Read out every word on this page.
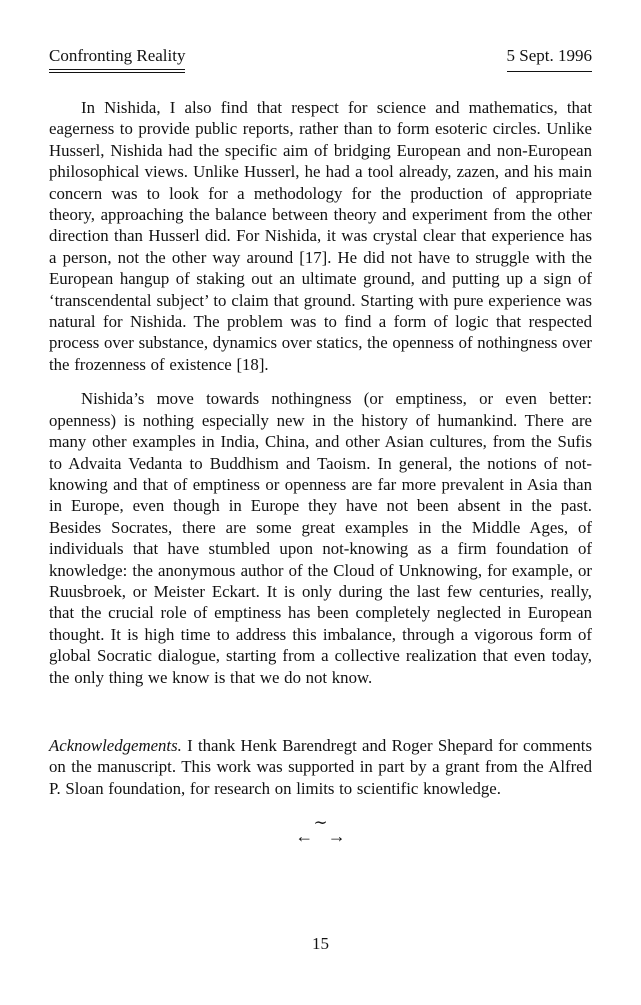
Confronting Reality	5 Sept. 1996

In Nishida, I also find that respect for science and mathematics, that eagerness to provide public reports, rather than to form esoteric circles. Unlike Husserl, Nishida had the specific aim of bridging European and non-European philosophical views. Unlike Husserl, he had a tool already, zazen, and his main concern was to look for a methodology for the production of appropriate theory, approaching the balance between theory and experiment from the other direction than Husserl did. For Nishida, it was crystal clear that experience has a person, not the other way around [17]. He did not have to struggle with the European hangup of staking out an ultimate ground, and putting up a sign of ‘transcendental subject’ to claim that ground. Starting with pure experience was natural for Nishida. The problem was to find a form of logic that respected process over substance, dynamics over statics, the openness of nothingness over the frozenness of existence [18].

Nishida’s move towards nothingness (or emptiness, or even better: openness) is nothing especially new in the history of humankind. There are many other examples in India, China, and other Asian cultures, from the Sufis to Advaita Vedanta to Buddhism and Taoism. In general, the notions of not-knowing and that of emptiness or openness are far more prevalent in Asia than in Europe, even though in Europe they have not been absent in the past. Besides Socrates, there are some great examples in the Middle Ages, of individuals that have stumbled upon not-knowing as a firm foundation of knowledge: the anonymous author of the Cloud of Unknowing, for example, or Ruusbroek, or Meister Eckart. It is only during the last few centuries, really, that the crucial role of emptiness has been completely neglected in European thought. It is high time to address this imbalance, through a vigorous form of global Socratic dialogue, starting from a collective realization that even today, the only thing we know is that we do not know.

Acknowledgements. I thank Henk Barendregt and Roger Shepard for comments on the manuscript. This work was supported in part by a grant from the Alfred P. Sloan foundation, for research on limits to scientific knowledge.

∼
← →
15
